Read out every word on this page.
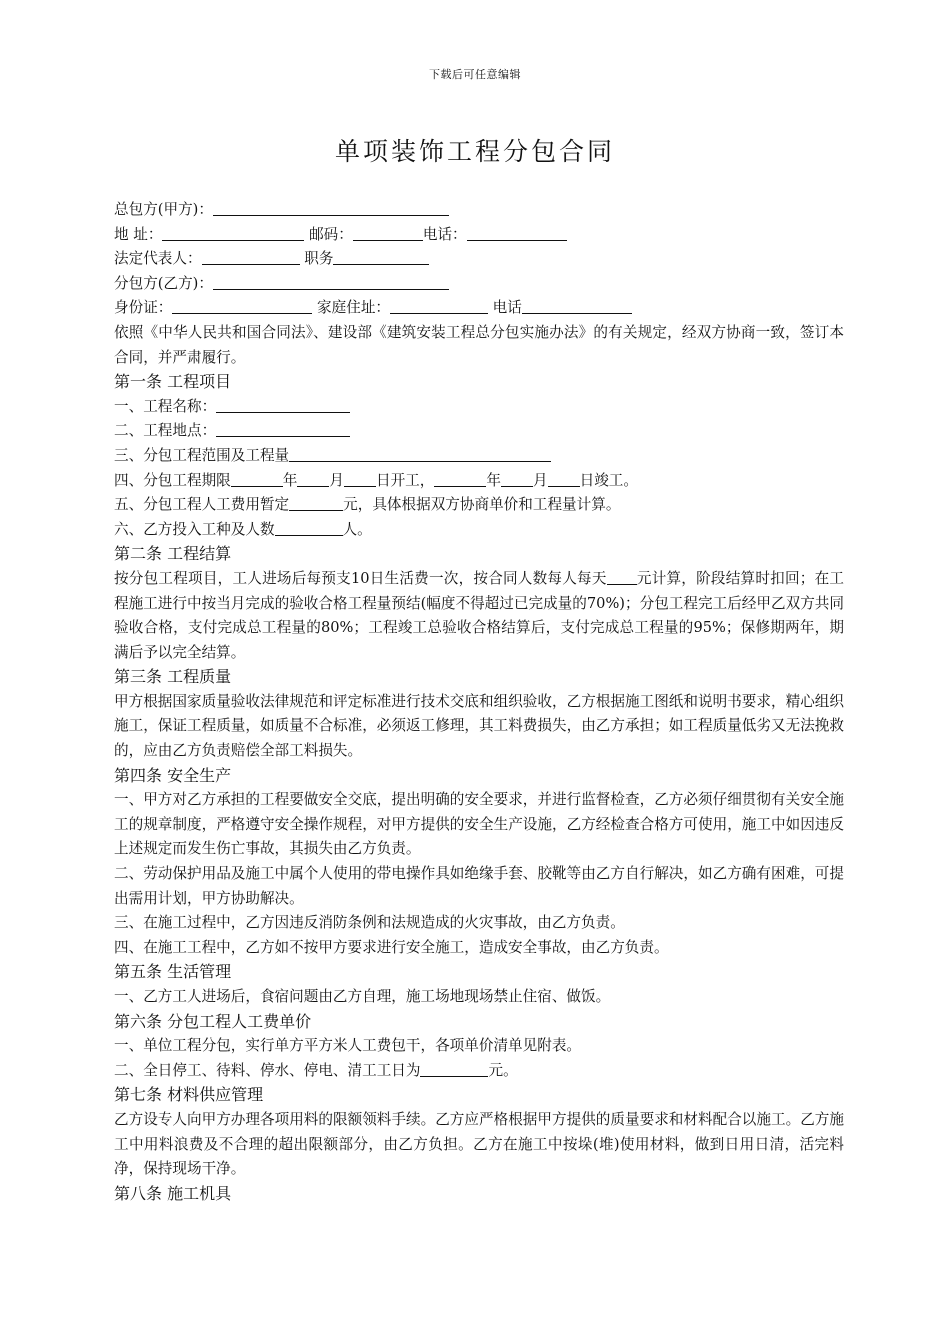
下载后可任意编辑
单项装饰工程分包合同
总包方(甲方)：
地 址：	邮码：	电话：
法定代表人：	职务
分包方(乙方)：
身份证：	家庭住址：	电话
依照《中华人民共和国合同法》、建设部《建筑安装工程总分包实施办法》的有关规定，经双方协商一致，签订本合同，并严肃履行。
第一条 工程项目
一、工程名称：
二、工程地点：
三、分包工程范围及工程量
四、分包工程期限	年 月 日开工，	年 月 日竣工。
五、分包工程人工费用暂定	元，具体根据双方协商单价和工程量计算。
六、乙方投入工种及人数	人。
第二条 工程结算
按分包工程项目，工人进场后每预支10日生活费一次，按合同人数每人每天 元计算，阶段结算时扣回；在工程施工进行中按当月完成的验收合格工程量预结(幅度不得超过已完成量的70%)；分包工程完工后经甲乙双方共同验收合格，支付完成总工程量的80%；工程竣工总验收合格结算后，支付完成总工程量的95%；保修期两年，期满后予以完全结算。
第三条 工程质量
甲方根据国家质量验收法律规范和评定标准进行技术交底和组织验收，乙方根据施工图纸和说明书要求，精心组织施工，保证工程质量，如质量不合标准，必须返工修理，其工料费损失，由乙方承担；如工程质量低劣又无法挽救的，应由乙方负责赔偿全部工料损失。
第四条 安全生产
一、甲方对乙方承担的工程要做安全交底，提出明确的安全要求，并进行监督检查，乙方必须仔细贯彻有关安全施工的规章制度，严格遵守安全操作规程，对甲方提供的安全生产设施，乙方经检查合格方可使用，施工中如因违反上述规定而发生伤亡事故，其损失由乙方负责。
二、劳动保护用品及施工中属个人使用的带电操作具如绝缘手套、胶靴等由乙方自行解决，如乙方确有困难，可提出需用计划，甲方协助解决。
三、在施工过程中，乙方因违反消防条例和法规造成的火灾事故，由乙方负责。
四、在施工工程中，乙方如不按甲方要求进行安全施工，造成安全事故，由乙方负责。
第五条 生活管理
一、乙方工人进场后，食宿问题由乙方自理，施工场地现场禁止住宿、做饭。
第六条 分包工程人工费单价
一、单位工程分包，实行单方平方米人工费包干，各项单价清单见附表。
二、全日停工、待料、停水、停电、清工工日为	元。
第七条 材料供应管理
乙方设专人向甲方办理各项用料的限额领料手续。乙方应严格根据甲方提供的质量要求和材料配合以施工。乙方施工中用料浪费及不合理的超出限额部分，由乙方负担。乙方在施工中按垛(堆)使用材料，做到日用日清，活完料净，保持现场干净。
第八条 施工机具
